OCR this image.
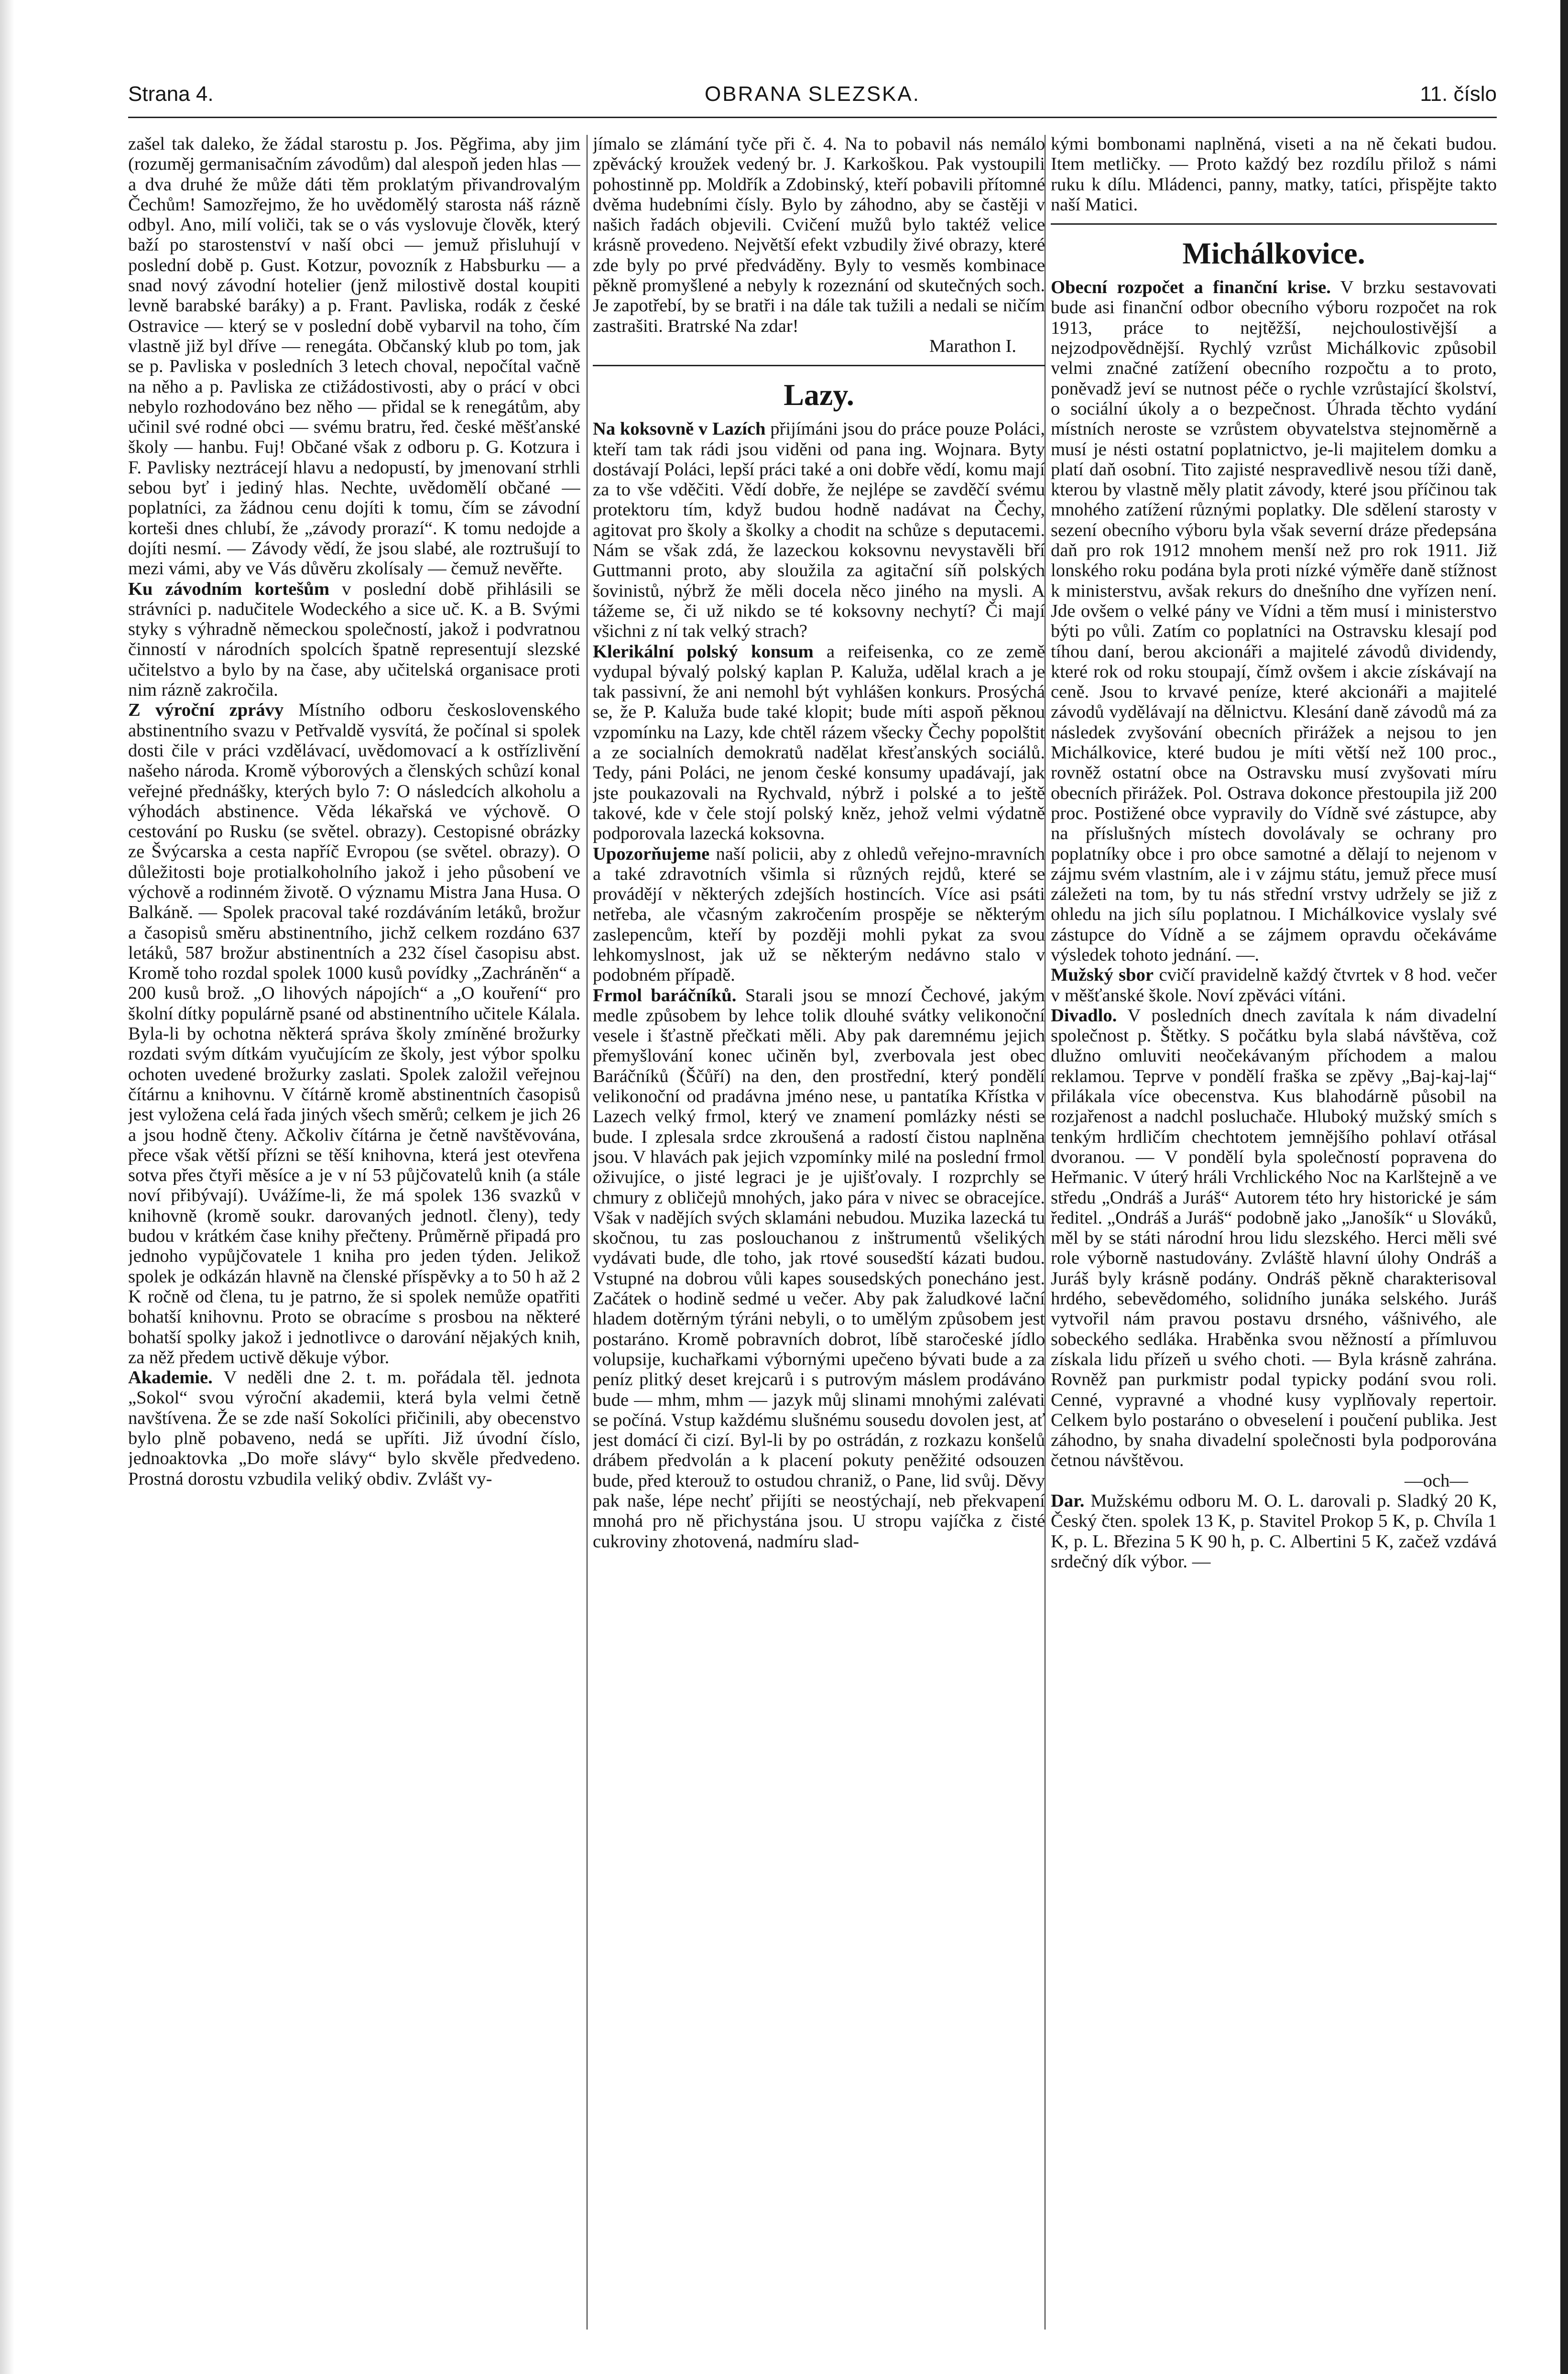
OBRANA SLEZSKA.
Strana 4.	11. číslo

zašel tak daleko, že žádal starostu p. Jos. Pěgřima, aby jim (rozuměj germanisačním závodům) dal alespoň jeden hlas — a dva druhé že může dáti těm proklatým přivandrovalým Čechům! Samozřejmo, že ho uvědomělý starosta náš rázně odbyl. Ano, milí voliči, tak se o vás vyslovuje člověk, který baží po starostenství v naší obci — jemuž přisluhují v poslední době p. Gust. Kotzur, povozník z Habsburku — a snad nový závodní hotelier (jenž milostivě dostal koupiti levně barabské baráky) a p. Frant. Pavliska, rodák z české Ostravice — který se v poslední době vybarvil na toho, čím vlastně již byl dříve — renegáta. Občanský klub po tom, jak se p. Pavliska v posledních 3 letech choval, nepočítal vačně na něho a p. Pavliska ze ctižádostivosti, aby o prácí v obci nebylo rozhodováno bez něho — přidal se k renegátům, aby učinil své rodné obci — svému bratru, řed. české měšťanské školy — hanbu. Fuj! Občané však z odboru p. G. Kotzura i F. Pavlisky neztrácejí hlavu a nedopustí, by jmenovaní strhli sebou byť i jediný hlas. Nechte, uvědomělí občané — poplatníci, za žádnou cenu dojíti k tomu, čím se závodní korteši dnes chlubí, že „závody prorazí“. K tomu nedojde a dojíti nesmí. — Závody vědí, že jsou slabé, ale roztrušují to mezi vámi, aby ve Vás důvěru zkolísaly — čemuž nevěřte.

Ku závodním kortešům v poslední době přihlásili se strávníci p. nadučitele Wodeckého a sice uč. K. a B. Svými styky s výhradně německou společností, jakož i podvratnou činností v národních spolcích špatně representují slezské učitelstvo a bylo by na čase, aby učitelská organisace proti nim rázně zakročila.

Z výroční zprávy Místního odboru československého abstinentního svazu v Petřvaldě vysvítá, že počínal si spolek dosti čile v práci vzdělávací, uvědomovací a k ostřízlivění našeho národa. Kromě výborových a členských schůzí konal veřejné přednášky, kterých bylo 7: O následcích alkoholu a výhodách abstinence. Věda lékařská ve výchově. O cestování po Rusku (se světel. obrazy). Cestopisné obrázky ze Švýcarska a cesta napříč Evropou (se světel. obrazy). O důležitosti boje protialkoholního jakož i jeho působení ve výchově a rodinném životě. O významu Mistra Jana Husa. O Balkáně. — Spolek pracoval také rozdáváním letáků, brožur a časopisů směru abstinentního, jichž celkem rozdáno 637 letáků, 587 brožur abstinentních a 232 čísel časopisu abst. Kromě toho rozdal spolek 1000 kusů povídky „Zachráněn“ a 200 kusů brož. „O lihových nápojích“ a „O kouření“ pro školní dítky populárně psané od abstinentního učitele Kálala. Byla-li by ochotna některá správa školy zmíněné brožurky rozdati svým dítkám vyučujícím ze školy, jest výbor spolku ochoten uvedené brožurky zaslati. Spolek založil veřejnou čítárnu a knihovnu. V čítárně kromě abstinentních časopisů jest vyložena celá řada jiných všech směrů; celkem je jich 26 a jsou hodně čteny. Ačkoliv čítárna je četně navštěvována, přece však větší přízni se těší knihovna, která jest otevřena sotva přes čtyři měsíce a je v ní 53 půjčovatelů knih (a stále noví přibývají). Uvážíme-li, že má spolek 136 svazků v knihovně (kromě soukr. darovaných jednotl. členy), tedy budou v krátkém čase knihy přečteny. Průměrně připadá pro jednoho vypůjčovatele 1 kniha pro jeden týden. Jelikož spolek je odkázán hlavně na členské příspěvky a to 50 h až 2 K ročně od člena, tu je patrno, že si spolek nemůže opatřiti bohatší knihovnu. Proto se obracíme s prosbou na některé bohatší spolky jakož i jednotlivce o darování nějakých knih, za něž předem uctivě děkuje výbor.

Akademie. V neděli dne 2. t. m. pořádala těl. jednota „Sokol“ svou výroční akademii, která byla velmi četně navštívena. Že se zde naší Sokolíci přičinili, aby obecenstvo bylo plně pobaveno, nedá se upříti. Již úvodní číslo, jednoaktovka „Do moře slávy“ bylo skvěle předvedeno. Prostná dorostu vzbudila veliký obdiv. Zvlášt vy-

jímalo se zlámání tyče při č. 4. Na to pobavil nás nemálo zpěvácký kroužek vedený br. J. Karkoškou. Pak vystoupili pohostinně pp. Moldřík a Zdobinský, kteří pobavili přítomné dvěma hudebními čísly. Bylo by záhodno, aby se častěji v našich řadách objevili. Cvičení mužů bylo taktéž velice krásně provedeno. Největší efekt vzbudily živé obrazy, které zde byly po prvé předváděny. Byly to vesměs kombinace pěkně promyšlené a nebyly k rozeznání od skutečných soch. Je zapotřebí, by se bratři i na dále tak tužili a nedali se ničím zastrašiti. Bratrské Na zdar!

Marathon I.

Lazy.

Na koksovně v Lazích přijímáni jsou do práce pouze Poláci, kteří tam tak rádi jsou viděni od pana ing. Wojnara. Byty dostávají Poláci, lepší práci také a oni dobře vědí, komu mají za to vše vděčiti. Vědí dobře, že nejlépe se zavděčí svému protektoru tím, když budou hodně nadávat na Čechy, agitovat pro školy a školky a chodit na schůze s deputacemi. Nám se však zdá, že lazeckou koksovnu nevystavěli bří Guttmanni proto, aby sloužila za agitační síň polských šovinistů, nýbrž že měli docela něco jiného na mysli. A tážeme se, či už nikdo se té koksovny nechytí? Či mají všichni z ní tak velký strach?

Klerikální polský konsum a reifeisenka, co ze země vydupal bývalý polský kaplan P. Kaluža, udělal krach a je tak passivní, že ani nemohl být vyhlášen konkurs. Prosýchá se, že P. Kaluža bude také klopit; bude míti aspoň pěknou vzpomínku na Lazy, kde chtěl rázem všecky Čechy popolštit a ze socialních demokratů nadělat křesťanských sociálů. Tedy, páni Poláci, ne jenom české konsumy upadávají, jak jste poukazovali na Rychvald, nýbrž i polské a to ještě takové, kde v čele stojí polský kněz, jehož velmi výdatně podporovala lazecká koksovna.

Upozorňujeme naší policii, aby z ohledů veřejno-mravních a také zdravotních všimla si různých rejdů, které se provádějí v některých zdejších hostincích. Více asi psáti netřeba, ale včasným zakročením prospěje se některým zaslepencům, kteří by později mohli pykat za svou lehkomyslnost, jak už se některým nedávno stalo v podobném případě.

Frmol baráčníků. Starali jsou se mnozí Čechové, jakým medle způsobem by lehce tolik dlouhé svátky velikonoční vesele i šťastně přečkati měli. Aby pak daremnému jejich přemyšlování konec učiněn byl, zverbovala jest obec Baráčníků (Ščůří) na den, den prostřední, který pondělí velikonoční od pradávna jméno nese, u pantatíka Křístka v Lazech velký frmol, který ve znamení pomlázky nésti se bude. I zplesala srdce zkroušená a radostí čistou naplněna jsou. V hlavách pak jejich vzpomínky milé na poslední frmol oživujíce, o jisté legraci je je ujišťovaly. I rozprchly se chmury z obličejů mnohých, jako pára v nivec se obracejíce. Však v nadějích svých sklamáni nebudou. Muzika lazecká tu skočnou, tu zas poslouchanou z inštrumentů všelikých vydávati bude, dle toho, jak rtové sousedští kázati budou. Vstupné na dobrou vůli kapes sousedských ponecháno jest. Začátek o hodině sedmé u večer. Aby pak žaludkové lační hladem dotěrným týráni nebyli, o to umělým způsobem jest postaráno. Kromě pobravních dobrot, líbě staročeské jídlo volupsije, kuchařkami výbornými upečeno bývati bude a za peníz plitký deset krejcarů i s putrovým máslem prodáváno bude — mhm, mhm — jazyk můj slinami mnohými zalévati se počíná. Vstup každému slušnému sousedu dovolen jest, ať jest domácí či cizí. Byl-li by po ostrádán, z rozkazu konšelů drábem předvolán a k placení pokuty peněžité odsouzen bude, před kterouž to ostudou chraniž, o Pane, lid svůj. Děvy pak naše, lépe nechť přijíti se neostýchají, neb překvapení mnohá pro ně přichystána jsou. U stropu vajíčka z čisté cukroviny zhotovená, nadmíru slad-

kými bombonami naplněná, viseti a na ně čekati budou. Item metličky. — Proto každý bez rozdílu přilož s námi ruku k dílu. Mládenci, panny, matky, tatíci, přispějte takto naší Matici.

Michálkovice.

Obecní rozpočet a finanční krise. V brzku sestavovati bude asi finanční odbor obecního výboru rozpočet na rok 1913, práce to nejtěžší, nejchoulostivější a nejzodpovědnější. Rychlý vzrůst Michálkovic způsobil velmi značné zatížení obecního rozpočtu a to proto, poněvadž jeví se nutnost péče o rychle vzrůstající školství, o sociální úkoly a o bezpečnost. Úhrada těchto vydání místních neroste se vzrůstem obyvatelstva stejnoměrně a musí je nésti ostatní poplatnictvo, je-li majitelem domku a platí daň osobní. Tito zajisté nespravedlivě nesou tíži daně, kterou by vlastně měly platit závody, které jsou příčinou tak mnohého zatížení různými poplatky. Dle sdělení starosty v sezení obecního výboru byla však severní dráze předepsána daň pro rok 1912 mnohem menší než pro rok 1911. Již lonského roku podána byla proti nízké výměře daně stížnost k ministerstvu, avšak rekurs do dnešního dne vyřízen není. Jde ovšem o velké pány ve Vídni a těm musí i ministerstvo býti po vůli. Zatím co poplatníci na Ostravsku klesají pod tíhou daní, berou akcionáři a majitelé závodů dividendy, které rok od roku stoupají, čímž ovšem i akcie získávají na ceně. Jsou to krvavé peníze, které akcionáři a majitelé závodů vydělávají na dělnictvu. Klesání daně závodů má za následek zvyšování obecních přirážek a nejsou to jen Michálkovice, které budou je míti větší než 100 proc., rovněž ostatní obce na Ostravsku musí zvyšovati míru obecních přirážek. Pol. Ostrava dokonce přestoupila již 200 proc. Postižené obce vypravily do Vídně své zástupce, aby na příslušných místech dovolávaly se ochrany pro poplatníky obce i pro obce samotné a dělají to nejenom v zájmu svém vlastním, ale i v zájmu státu, jemuž přece musí záležeti na tom, by tu nás střední vrstvy udržely se již z ohledu na jich sílu poplatnou. I Michálkovice vyslaly své zástupce do Vídně a se zájmem opravdu očekáváme výsledek tohoto jednání. —.

Mužský sbor cvičí pravidelně každý čtvrtek v 8 hod. večer v měšťanské škole. Noví zpěváci vítáni.

Divadlo. V posledních dnech zavítala k nám divadelní společnost p. Štětky. S počátku byla slabá návštěva, což dlužno omluviti neočekávaným příchodem a malou reklamou. Teprve v pondělí fraška se zpěvy „Baj-kaj-laj“ přilákala více obecenstva. Kus blahodárně působil na rozjařenost a nadchl posluchače. Hluboký mužský smích s tenkým hrdličím chechtotem jemnějšího pohlaví otřásal dvoranou. — V pondělí byla společností popravena do Heřmanic. V úterý hráli Vrchlického Noc na Karlštejně a ve středu „Ondráš a Juráš“ Autorem této hry historické je sám ředitel. „Ondráš a Juráš“ podobně jako „Janošík“ u Slováků, měl by se státi národní hrou lidu slezského. Herci měli své role výborně nastudovány. Zvláště hlavní úlohy Ondráš a Juráš byly krásně podány. Ondráš pěkně charakterisoval hrdého, sebevědomého, solidního junáka selského. Juráš vytvořil nám pravou postavu drsného, vášnivého, ale sobeckého sedláka. Hraběnka svou něžností a přímluvou získala lidu přízeň u svého choti. — Byla krásně zahrána. Rovněž pan purkmistr podal typicky podání svou roli. Cenné, vypravné a vhodné kusy vyplňovaly repertoir. Celkem bylo postaráno o obveselení i poučení publika. Jest záhodno, by snaha divadelní společnosti byla podporována četnou návštěvou.

—och—

Dar. Mužskému odboru M. O. L. darovali p. Sladký 20 K, Český čten. spolek 13 K, p. Stavitel Prokop 5 K, p. Chvíla 1 K, p. L. Březina 5 K 90 h, p. C. Albertini 5 K, začež vzdává srdečný dík výbor. —
